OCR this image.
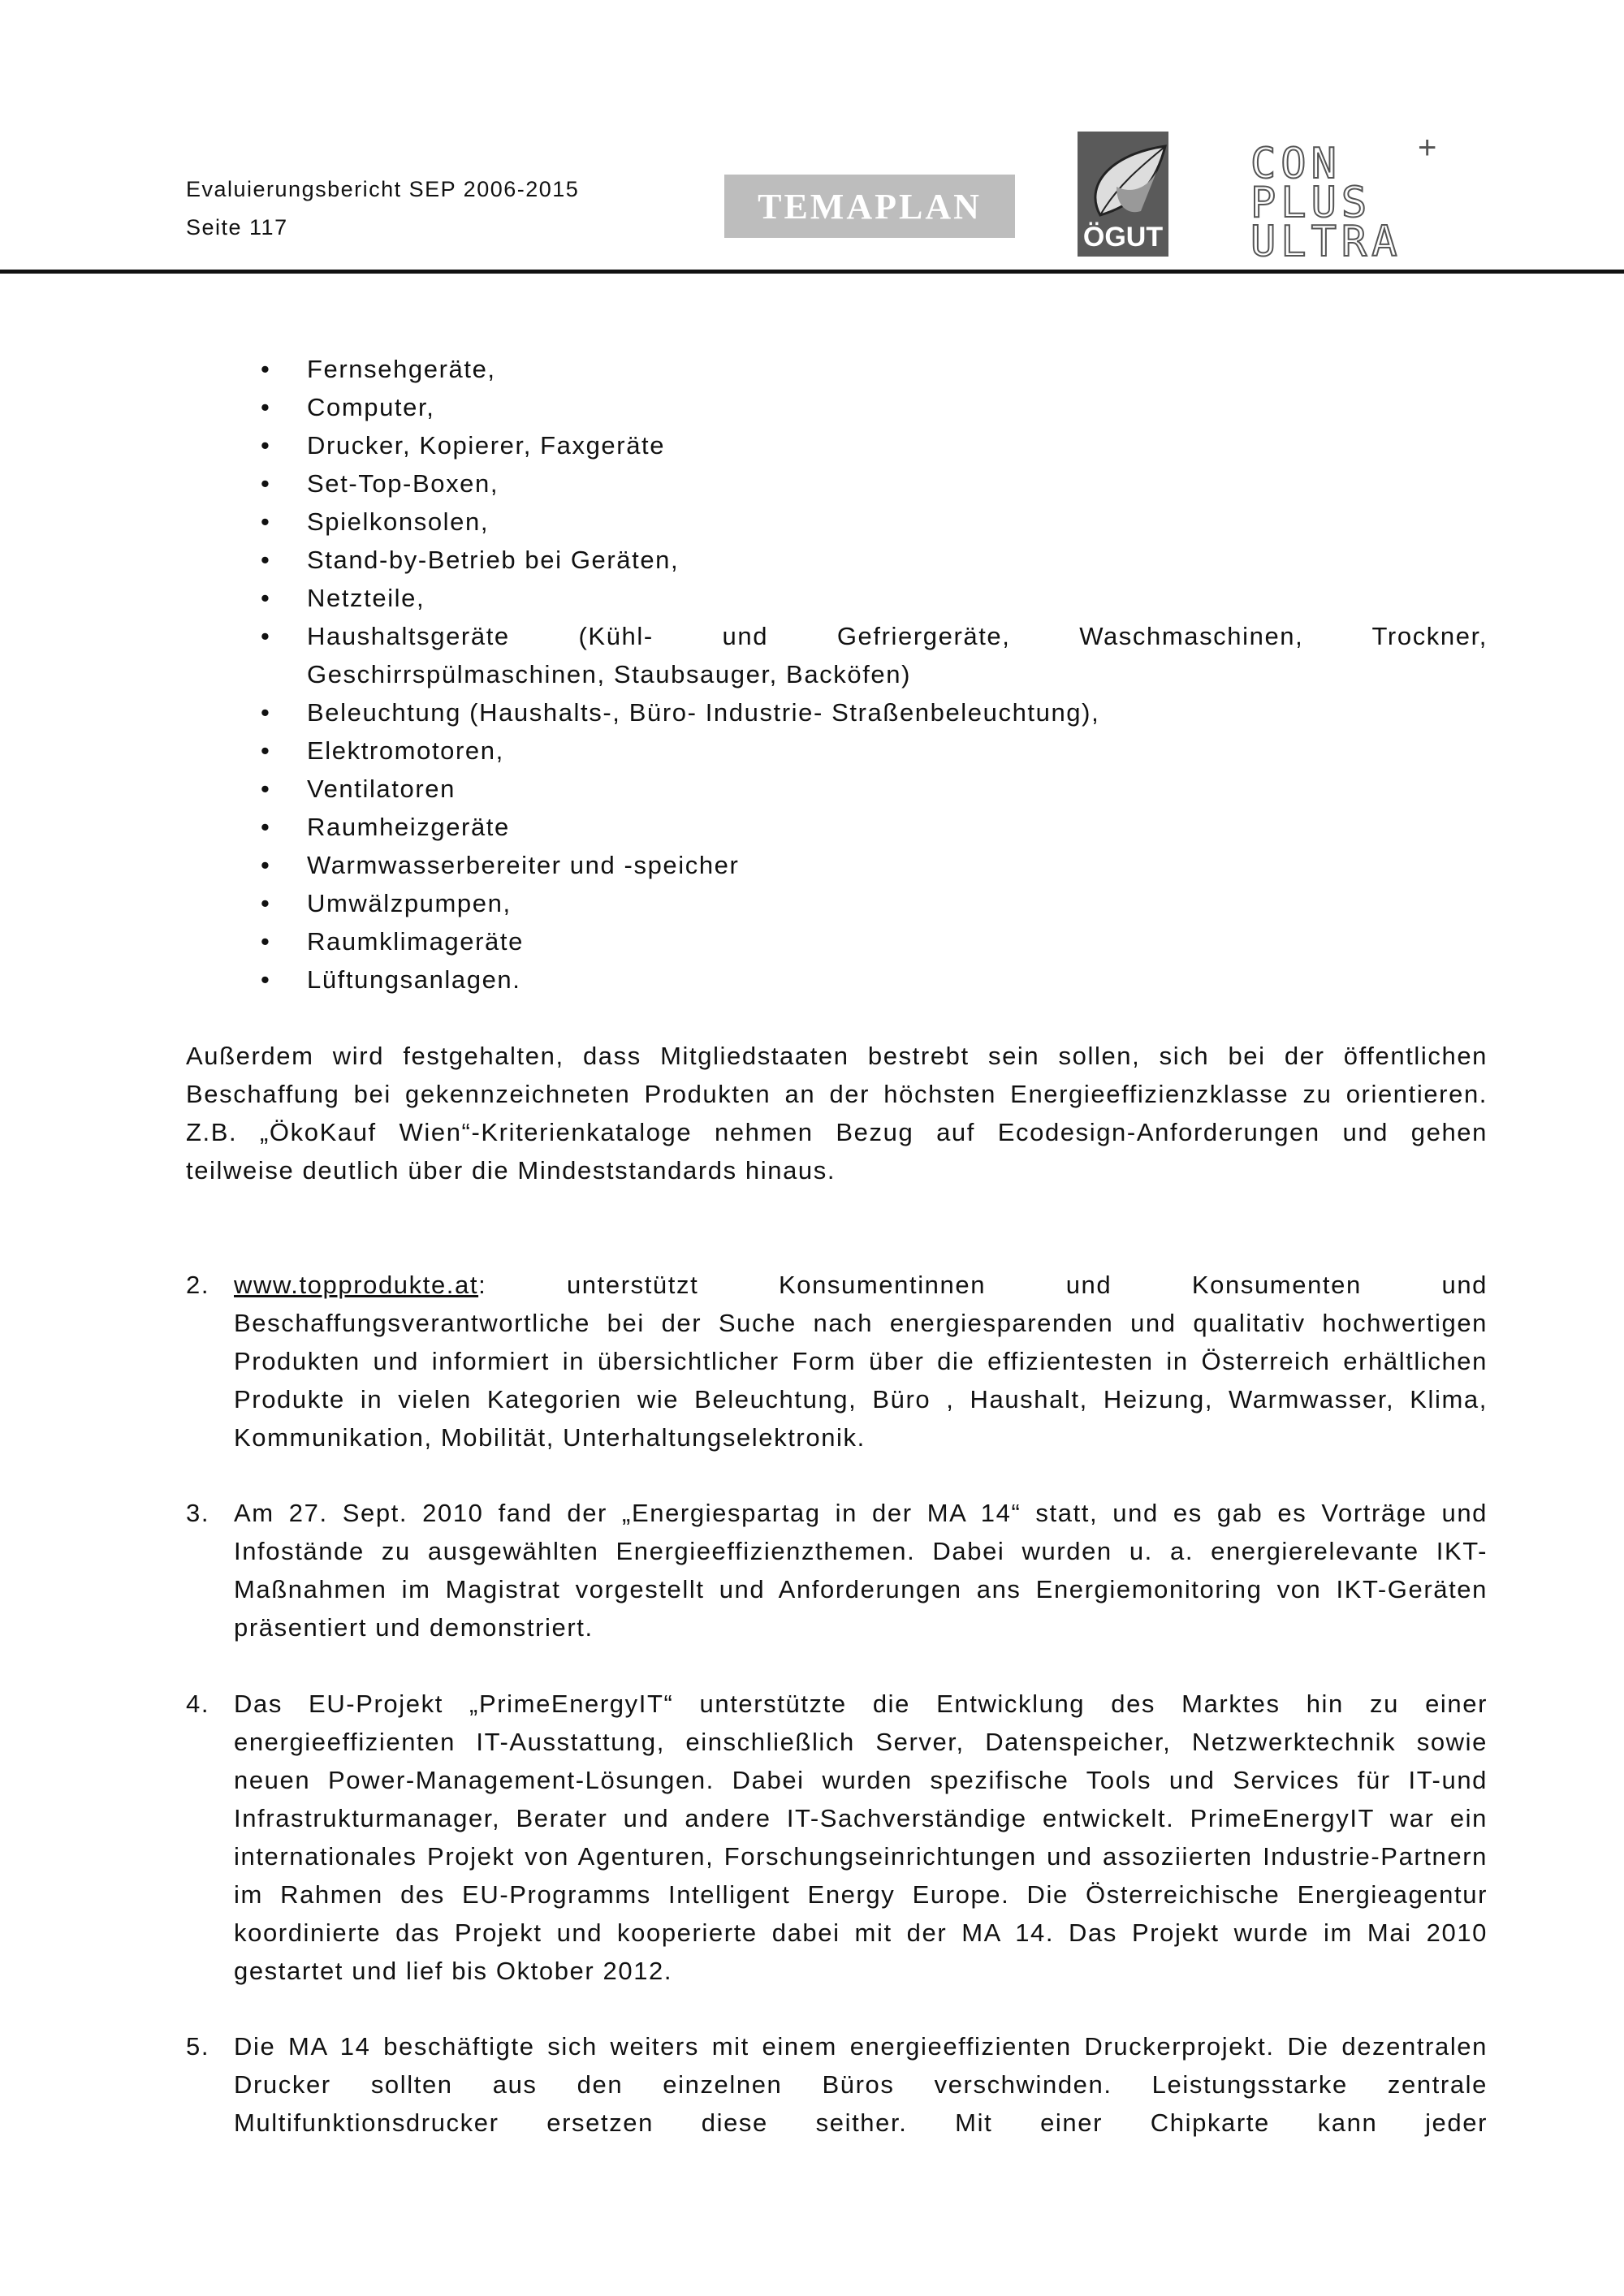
Evaluierungsbericht SEP 2006-2015
Seite 117
TEMAPLAN
ÖGUT
CON
PLUS
ULTRA
+
• Fernsehgeräte,
• Computer,
• Drucker, Kopierer, Faxgeräte
• Set-Top-Boxen,
• Spielkonsolen,
• Stand-by-Betrieb bei Geräten,
• Netzteile,
• Haushaltsgeräte (Kühl- und Gefriergeräte, Waschmaschinen, Trockner, Geschirrspülmaschinen, Staubsauger, Backöfen)
• Beleuchtung (Haushalts-, Büro- Industrie- Straßenbeleuchtung),
• Elektromotoren,
• Ventilatoren
• Raumheizgeräte
• Warmwasserbereiter und -speicher
• Umwälzpumpen,
• Raumklimageräte
• Lüftungsanlagen.

Außerdem wird festgehalten, dass Mitgliedstaaten bestrebt sein sollen, sich bei der öffentlichen Beschaffung bei gekennzeichneten Produkten an der höchsten Energieeffizienzklasse zu orientieren. Z.B. „ÖkoKauf Wien“-Kriterienkataloge nehmen Bezug auf Ecodesign-Anforderungen und gehen teilweise deutlich über die Mindeststandards hinaus.

2. www.topprodukte.at: unterstützt Konsumentinnen und Konsumenten und Beschaffungsverantwortliche bei der Suche nach energiesparenden und qualitativ hochwertigen Produkten und informiert in übersichtlicher Form über die effizientesten in Österreich erhältlichen Produkte in vielen Kategorien wie Beleuchtung, Büro , Haushalt, Heizung, Warmwasser, Klima, Kommunikation, Mobilität, Unterhaltungselektronik.
3. Am 27. Sept. 2010 fand der „Energiespartag in der MA 14“ statt, und es gab es Vorträge und Infostände zu ausgewählten Energieeffizienzthemen. Dabei wurden u. a. energierelevante IKT-Maßnahmen im Magistrat vorgestellt und Anforderungen ans Energiemonitoring von IKT-Geräten präsentiert und demonstriert.
4. Das EU-Projekt „PrimeEnergyIT“ unterstützte die Entwicklung des Marktes hin zu einer energieeffizienten IT-Ausstattung, einschließlich Server, Datenspeicher, Netzwerktechnik sowie neuen Power-Management-Lösungen. Dabei wurden spezifische Tools und Services für IT-und Infrastrukturmanager, Berater und andere IT-Sachverständige entwickelt. PrimeEnergyIT war ein internationales Projekt von Agenturen, Forschungseinrichtungen und assoziierten Industrie-Partnern im Rahmen des EU-Programms Intelligent Energy Europe. Die Österreichische Energieagentur koordinierte das Projekt und kooperierte dabei mit der MA 14. Das Projekt wurde im Mai 2010 gestartet und lief bis Oktober 2012.
5. Die MA 14 beschäftigte sich weiters mit einem energieeffizienten Druckerprojekt. Die dezentralen Drucker sollten aus den einzelnen Büros verschwinden. Leistungsstarke zentrale Multifunktionsdrucker ersetzen diese seither. Mit einer Chipkarte kann jeder
